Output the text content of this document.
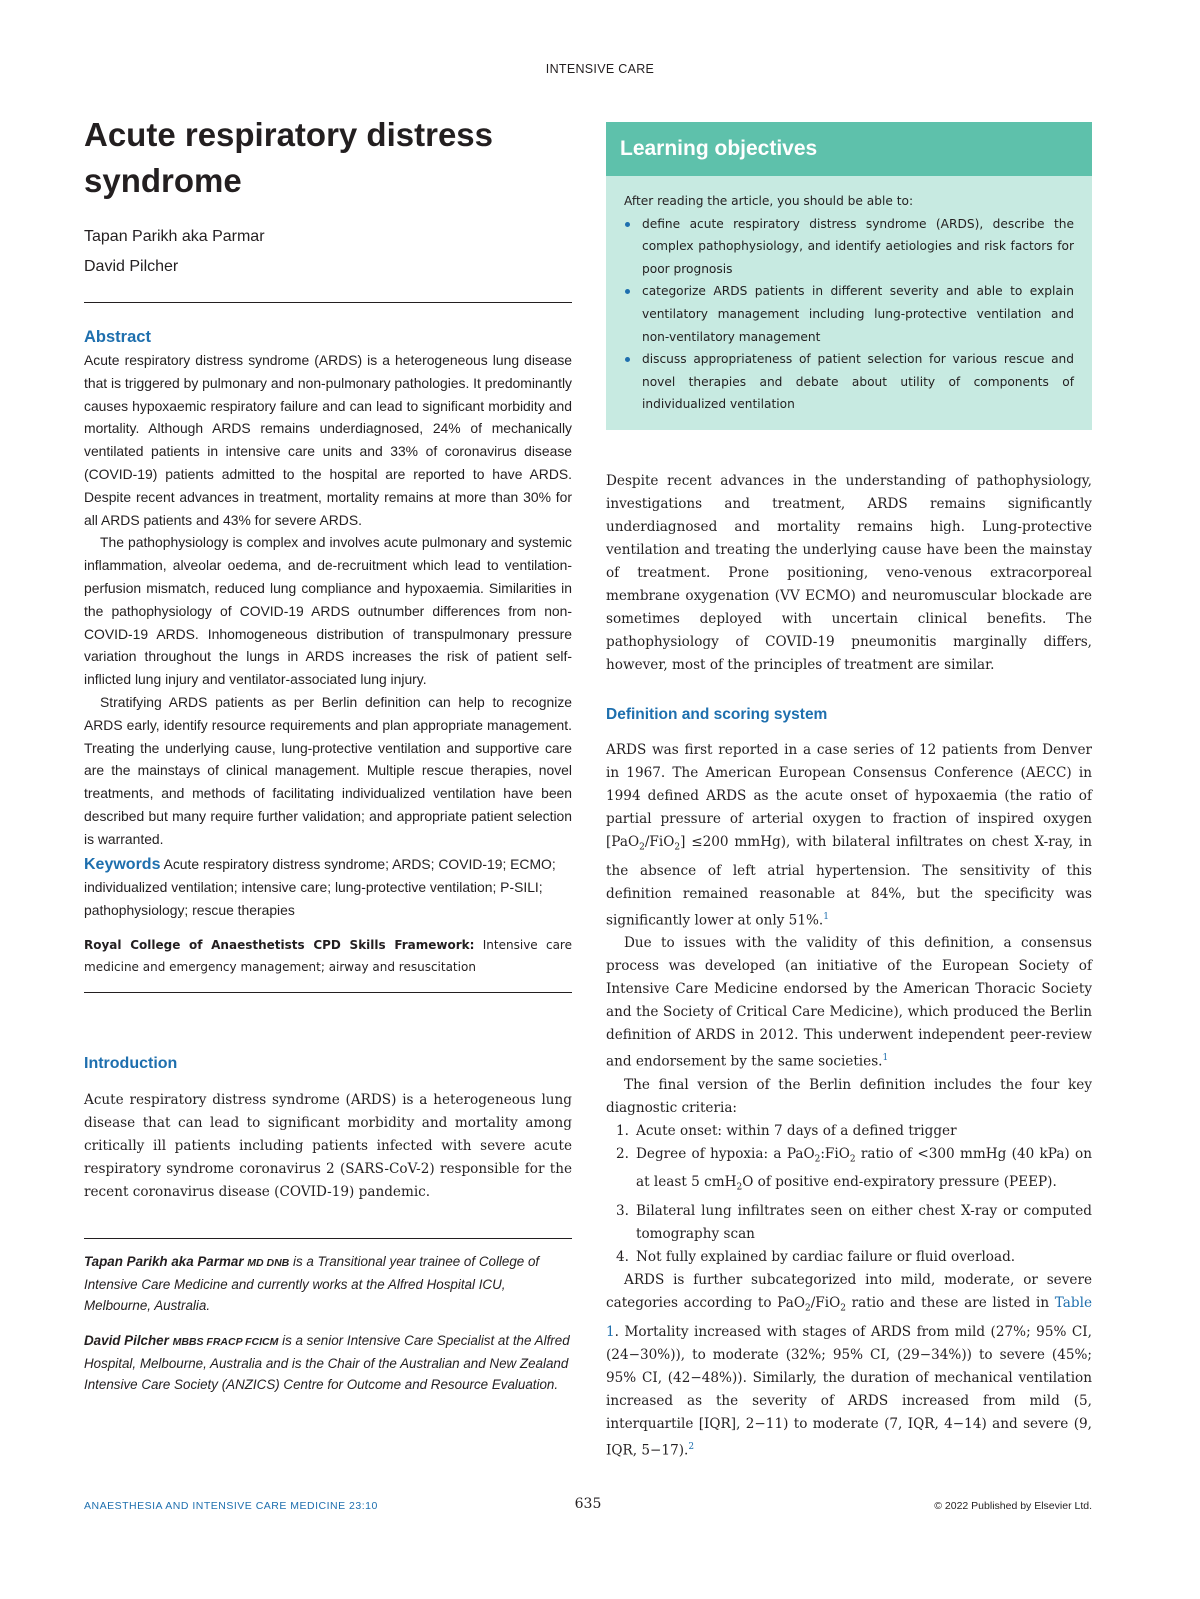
INTENSIVE CARE
Acute respiratory distress syndrome
Tapan Parikh aka Parmar
David Pilcher
Abstract

Acute respiratory distress syndrome (ARDS) is a heterogeneous lung disease that is triggered by pulmonary and non-pulmonary pathologies. It predominantly causes hypoxaemic respiratory failure and can lead to significant morbidity and mortality. Although ARDS remains underdiagnosed, 24% of mechanically ventilated patients in intensive care units and 33% of coronavirus disease (COVID-19) patients admitted to the hospital are reported to have ARDS. Despite recent advances in treatment, mortality remains at more than 30% for all ARDS patients and 43% for severe ARDS.

The pathophysiology is complex and involves acute pulmonary and systemic inflammation, alveolar oedema, and de-recruitment which lead to ventilation-perfusion mismatch, reduced lung compliance and hypoxaemia. Similarities in the pathophysiology of COVID-19 ARDS outnumber differences from non-COVID-19 ARDS. Inhomogeneous distribution of transpulmonary pressure variation throughout the lungs in ARDS increases the risk of patient self-inflicted lung injury and ventilator-associated lung injury.

Stratifying ARDS patients as per Berlin definition can help to recognize ARDS early, identify resource requirements and plan appropriate management. Treating the underlying cause, lung-protective ventilation and supportive care are the mainstays of clinical management. Multiple rescue therapies, novel treatments, and methods of facilitating individualized ventilation have been described but many require further validation; and appropriate patient selection is warranted.

Keywords Acute respiratory distress syndrome; ARDS; COVID-19; ECMO; individualized ventilation; intensive care; lung-protective ventilation; P-SILI; pathophysiology; rescue therapies

Royal College of Anaesthetists CPD Skills Framework: Intensive care medicine and emergency management; airway and resuscitation

Introduction

Acute respiratory distress syndrome (ARDS) is a heterogeneous lung disease that can lead to significant morbidity and mortality among critically ill patients including patients infected with severe acute respiratory syndrome coronavirus 2 (SARS-CoV-2) responsible for the recent coronavirus disease (COVID-19) pandemic.

Tapan Parikh aka Parmar MD DNB is a Transitional year trainee of College of Intensive Care Medicine and currently works at the Alfred Hospital ICU, Melbourne, Australia.

David Pilcher MBBS FRACP FCICM is a senior Intensive Care Specialist at the Alfred Hospital, Melbourne, Australia and is the Chair of the Australian and New Zealand Intensive Care Society (ANZICS) Centre for Outcome and Resource Evaluation.

Learning objectives
After reading the article, you should be able to:
define acute respiratory distress syndrome (ARDS), describe the complex pathophysiology, and identify aetiologies and risk factors for poor prognosis
categorize ARDS patients in different severity and able to explain ventilatory management including lung-protective ventilation and non-ventilatory management
discuss appropriateness of patient selection for various rescue and novel therapies and debate about utility of components of individualized ventilation

Despite recent advances in the understanding of pathophysiology, investigations and treatment, ARDS remains significantly underdiagnosed and mortality remains high. Lung-protective ventilation and treating the underlying cause have been the mainstay of treatment. Prone positioning, veno-venous extracorporeal membrane oxygenation (VV ECMO) and neuromuscular blockade are sometimes deployed with uncertain clinical benefits. The pathophysiology of COVID-19 pneumonitis marginally differs, however, most of the principles of treatment are similar.

Definition and scoring system

ARDS was first reported in a case series of 12 patients from Denver in 1967. The American European Consensus Conference (AECC) in 1994 defined ARDS as the acute onset of hypoxaemia (the ratio of partial pressure of arterial oxygen to fraction of inspired oxygen [PaO$_2$/FiO$_2$] ≤200 mmHg), with bilateral infiltrates on chest X-ray, in the absence of left atrial hypertension. The sensitivity of this definition remained reasonable at 84%, but the specificity was significantly lower at only 51%.$^1$

Due to issues with the validity of this definition, a consensus process was developed (an initiative of the European Society of Intensive Care Medicine endorsed by the American Thoracic Society and the Society of Critical Care Medicine), which produced the Berlin definition of ARDS in 2012. This underwent independent peer-review and endorsement by the same societies.$^1$

The final version of the Berlin definition includes the four key diagnostic criteria:

1. Acute onset: within 7 days of a defined trigger
2. Degree of hypoxia: a PaO$_2$:FiO$_2$ ratio of <300 mmHg (40 kPa) on at least 5 cmH$_2$O of positive end-expiratory pressure (PEEP).
3. Bilateral lung infiltrates seen on either chest X-ray or computed tomography scan
4. Not fully explained by cardiac failure or fluid overload.

ARDS is further subcategorized into mild, moderate, or severe categories according to PaO$_2$/FiO$_2$ ratio and these are listed in Table 1. Mortality increased with stages of ARDS from mild (27%; 95% CI, (24−30%)), to moderate (32%; 95% CI, (29−34%)) to severe (45%; 95% CI, (42−48%)). Similarly, the duration of mechanical ventilation increased as the severity of ARDS increased from mild (5, interquartile [IQR], 2−11) to moderate (7, IQR, 4−14) and severe (9, IQR, 5−17).$^2$

ANAESTHESIA AND INTENSIVE CARE MEDICINE 23:10	635	© 2022 Published by Elsevier Ltd.
